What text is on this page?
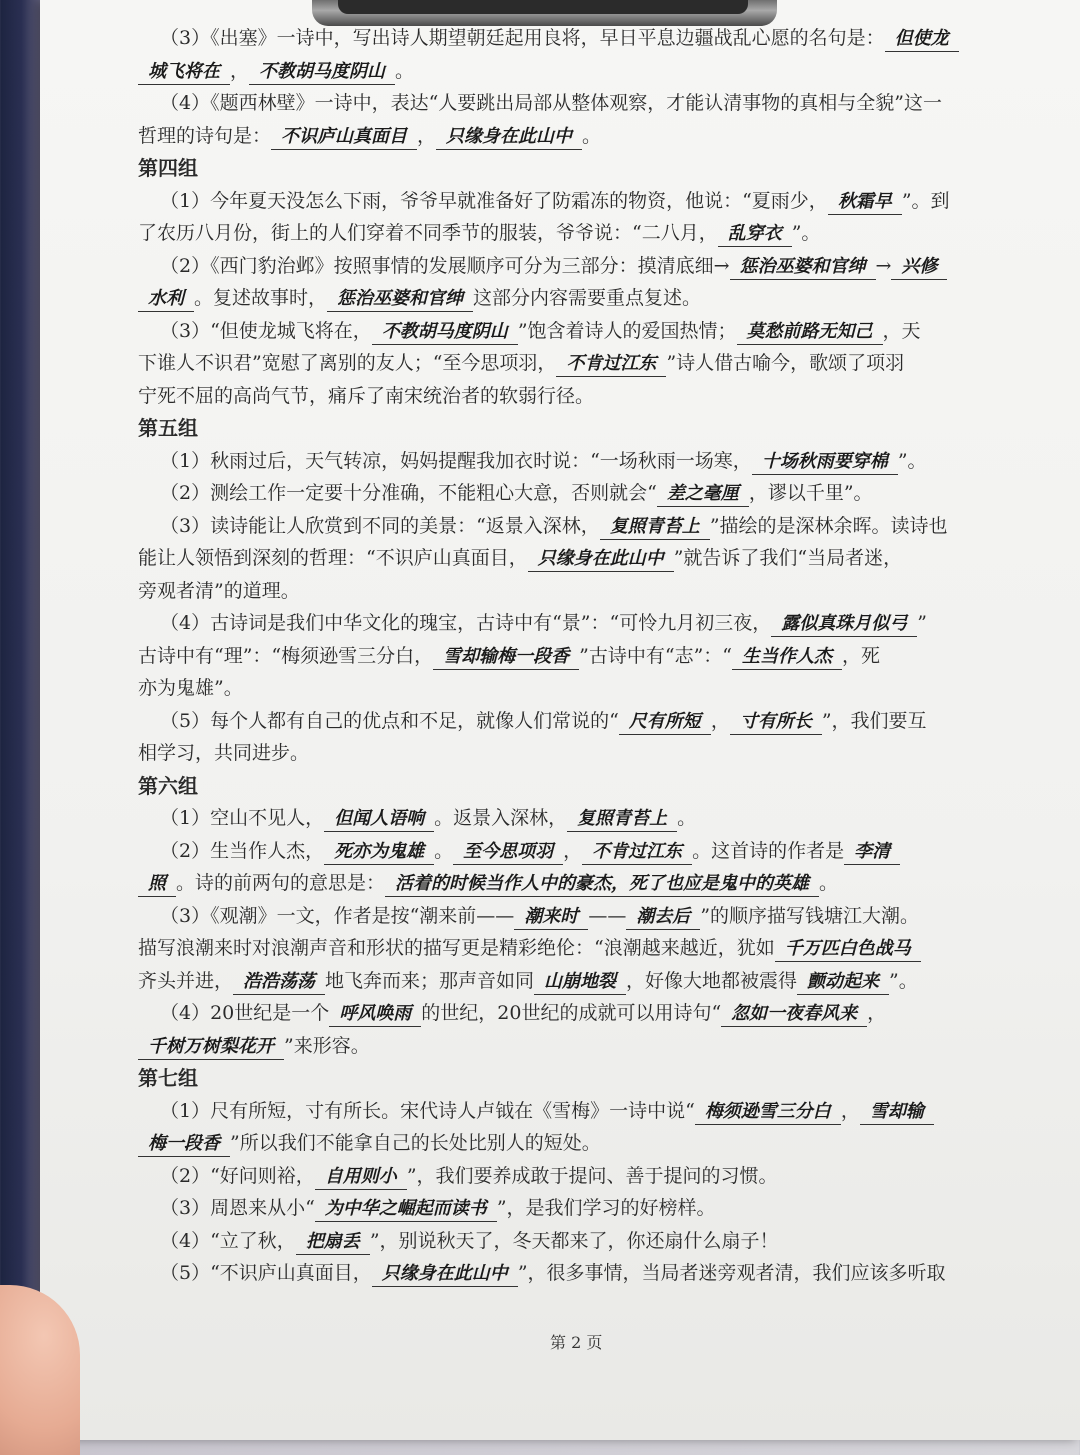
（3）《出塞》一诗中，写出诗人期望朝廷起用良将，早日平息边疆战乱心愿的名句是： 但使龙
城飞将在 ， 不教胡马度阴山 。
（4）《题西林壁》一诗中，表达“人要跳出局部从整体观察，才能认清事物的真相与全貌”这一
哲理的诗句是： 不识庐山真面目 ， 只缘身在此山中 。
第四组
（1）今年夏天没怎么下雨，爷爷早就准备好了防霜冻的物资，他说：“夏雨少， 秋霜早 ”。到
了农历八月份，街上的人们穿着不同季节的服装，爷爷说：“二八月， 乱穿衣 ”。
（2）《西门豹治邺》按照事情的发展顺序可分为三部分：摸清底细→ 惩治巫婆和官绅 → 兴修
水利 。复述故事时， 惩治巫婆和官绅 这部分内容需要重点复述。
（3）“但使龙城飞将在， 不教胡马度阴山 ”饱含着诗人的爱国热情； 莫愁前路无知己 ，天
下谁人不识君”宽慰了离别的友人；“至今思项羽， 不肯过江东 ”诗人借古喻今，歌颂了项羽
宁死不屈的高尚气节，痛斥了南宋统治者的软弱行径。
第五组
（1）秋雨过后，天气转凉，妈妈提醒我加衣时说：“一场秋雨一场寒， 十场秋雨要穿棉 ”。
（2）测绘工作一定要十分准确，不能粗心大意，否则就会“ 差之毫厘 ，谬以千里”。
（3）读诗能让人欣赏到不同的美景：“返景入深林， 复照青苔上 ”描绘的是深林余晖。读诗也
能让人领悟到深刻的哲理：“不识庐山真面目， 只缘身在此山中 ”就告诉了我们“当局者迷，
旁观者清”的道理。
（4）古诗词是我们中华文化的瑰宝，古诗中有“景”：“可怜九月初三夜， 露似真珠月似弓 ”
古诗中有“理”：“梅须逊雪三分白， 雪却输梅一段香 ”古诗中有“志”：“ 生当作人杰 ，死
亦为鬼雄”。
（5）每个人都有自己的优点和不足，就像人们常说的“ 尺有所短 ， 寸有所长 ”，我们要互
相学习，共同进步。
第六组
（1）空山不见人， 但闻人语响 。返景入深林， 复照青苔上 。
（2）生当作人杰， 死亦为鬼雄 。 至今思项羽 ， 不肯过江东 。这首诗的作者是 李清
照 。诗的前两句的意思是： 活着的时候当作人中的豪杰，死了也应是鬼中的英雄 。
（3）《观潮》一文，作者是按“潮来前—— 潮来时 —— 潮去后 ”的顺序描写钱塘江大潮。
描写浪潮来时对浪潮声音和形状的描写更是精彩绝伦：“浪潮越来越近，犹如 千万匹白色战马
齐头并进， 浩浩荡荡 地飞奔而来；那声音如同 山崩地裂 ，好像大地都被震得 颤动起来 ”。
（4）20世纪是一个 呼风唤雨 的世纪，20世纪的成就可以用诗句“ 忽如一夜春风来 ，
千树万树梨花开 ”来形容。
第七组
（1）尺有所短，寸有所长。宋代诗人卢钺在《雪梅》一诗中说“ 梅须逊雪三分白 ， 雪却输
梅一段香 ”所以我们不能拿自己的长处比别人的短处。
（2）“好问则裕， 自用则小 ”，我们要养成敢于提问、善于提问的习惯。
（3）周恩来从小“ 为中华之崛起而读书 ”，是我们学习的好榜样。
（4）“立了秋， 把扇丢 ”，别说秋天了，冬天都来了，你还扇什么扇子！
（5）“不识庐山真面目， 只缘身在此山中 ”，很多事情，当局者迷旁观者清，我们应该多听取
第 2 页
